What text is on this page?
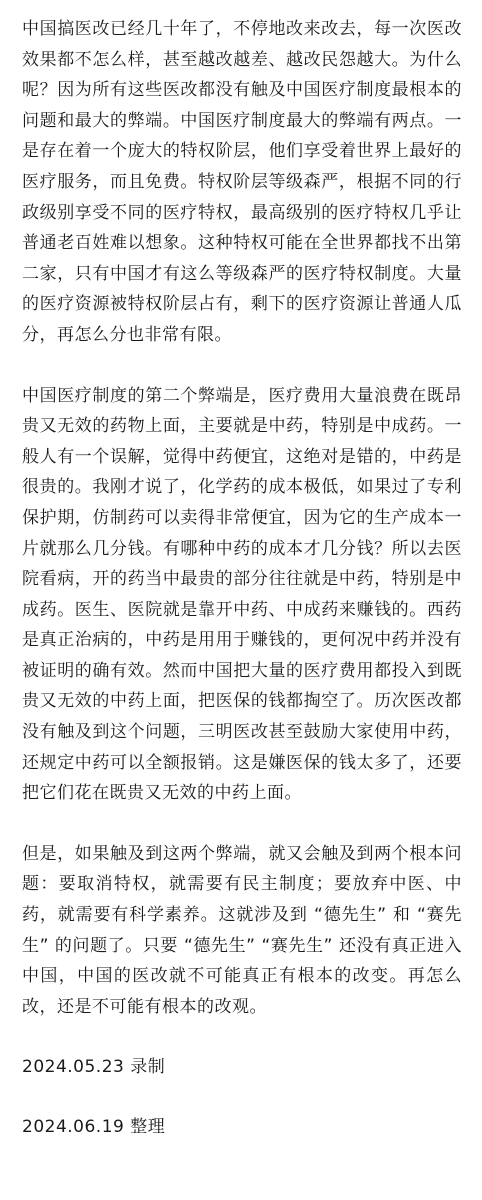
中国搞医改已经几十年了，不停地改来改去，每一次医改效果都不怎么样，甚至越改越差、越改民怨越大。为什么呢？因为所有这些医改都没有触及中国医疗制度最根本的问题和最大的弊端。中国医疗制度最大的弊端有两点。一是存在着一个庞大的特权阶层，他们享受着世界上最好的医疗服务，而且免费。特权阶层等级森严，根据不同的行政级别享受不同的医疗特权，最高级别的医疗特权几乎让普通老百姓难以想象。这种特权可能在全世界都找不出第二家，只有中国才有这么等级森严的医疗特权制度。大量的医疗资源被特权阶层占有，剩下的医疗资源让普通人瓜分，再怎么分也非常有限。

中国医疗制度的第二个弊端是，医疗费用大量浪费在既昂贵又无效的药物上面，主要就是中药，特别是中成药。一般人有一个误解，觉得中药便宜，这绝对是错的，中药是很贵的。我刚才说了，化学药的成本极低，如果过了专利保护期，仿制药可以卖得非常便宜，因为它的生产成本一片就那么几分钱。有哪种中药的成本才几分钱？所以去医院看病，开的药当中最贵的部分往往就是中药，特别是中成药。医生、医院就是靠开中药、中成药来赚钱的。西药是真正治病的，中药是用用于赚钱的，更何况中药并没有被证明的确有效。然而中国把大量的医疗费用都投入到既贵又无效的中药上面，把医保的钱都掏空了。历次医改都没有触及到这个问题，三明医改甚至鼓励大家使用中药，还规定中药可以全额报销。这是嫌医保的钱太多了，还要把它们花在既贵又无效的中药上面。

但是，如果触及到这两个弊端，就又会触及到两个根本问题：要取消特权，就需要有民主制度；要放弃中医、中药，就需要有科学素养。这就涉及到 “德先生” 和 “赛先生” 的问题了。只要 “德先生” “赛先生” 还没有真正进入中国，中国的医改就不可能真正有根本的改变。再怎么改，还是不可能有根本的改观。

2024.05.23 录制

2024.06.19 整理
